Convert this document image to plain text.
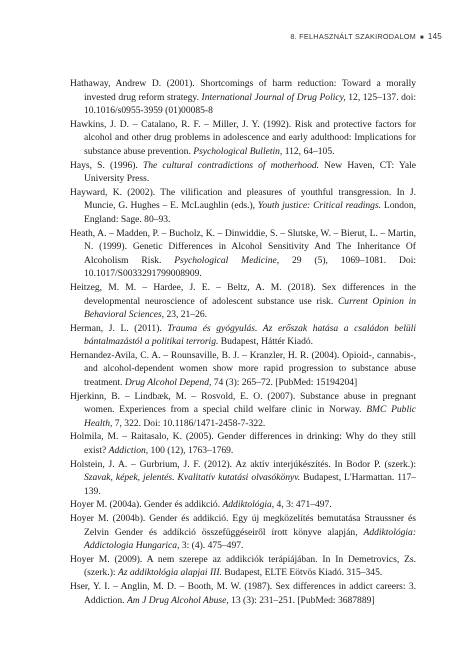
8. FELHASZNÁLT SZAKIRODALOM ■ 145

Hathaway, Andrew D. (2001). Shortcomings of harm reduction: Toward a morally invested drug reform strategy. International Journal of Drug Policy, 12, 125–137. doi: 10.1016/s0955-3959 (01)00085-8

Hawkins, J. D. – Catalano, R. F. – Miller, J. Y. (1992). Risk and protective factors for alcohol and other drug problems in adolescence and early adulthood: Implications for substance abuse prevention. Psychological Bulletin, 112, 64–105.

Hays, S. (1996). The cultural contradictions of motherhood. New Haven, CT: Yale University Press.

Hayward, K. (2002). The vilification and pleasures of youthful transgression. In J. Muncie, G. Hughes – E. McLaughlin (eds.), Youth justice: Critical readings. London, England: Sage. 80–93.

Heath, A. – Madden, P. – Bucholz, K. – Dinwiddie, S. – Slutske, W. – Bierut, L. – Martin, N. (1999). Genetic Differences in Alcohol Sensitivity And The Inheritance Of Alcoholism Risk. Psychological Medicine, 29 (5), 1069–1081. Doi: 10.1017/S0033291799008909.

Heitzeg, M. M. – Hardee, J. E. – Beltz, A. M. (2018). Sex differences in the developmental neuroscience of adolescent substance use risk. Current Opinion in Behavioral Sciences, 23, 21–26.

Herman, J. L. (2011). Trauma és gyógyulás. Az erőszak hatása a családon belüli bántalmazástól a politikai terrorig. Budapest, Háttér Kiadó.

Hernandez-Avila, C. A. – Rounsaville, B. J. – Kranzler, H. R. (2004). Opioid-, cannabis-, and alcohol-dependent women show more rapid progression to substance abuse treatment. Drug Alcohol Depend, 74 (3): 265–72. [PubMed: 15194204]

Hjerkinn, B. – Lindbæk, M. – Rosvold, E. O. (2007). Substance abuse in pregnant women. Experiences from a special child welfare clinic in Norway. BMC Public Health, 7, 322. Doi: 10.1186/1471-2458-7-322.

Holmila, M. – Raitasalo, K. (2005). Gender differences in drinking: Why do they still exist? Addiction, 100 (12), 1763–1769.

Holstein, J. A. – Gurbrium, J. F. (2012). Az aktív interjúkészítés. In Bodor P. (szerk.): Szavak, képek, jelentés. Kvalitatív kutatási olvasókönyv. Budapest, L'Harmattan. 117–139.

Hoyer M. (2004a). Gender és addikció. Addiktológia, 4, 3: 471–497.

Hoyer M. (2004b). Gender és addikció. Egy új megközelítés bemutatása Straussner és Zelvin Gender és addikció összefüggéseiről írott könyve alapján, Addiktológia: Addictologia Hungarica, 3: (4). 475–497.

Hoyer M. (2009). A nem szerepe az addikciók terápiájában. In In Demetrovics, Zs. (szerk.): Az addiktológia alapjai III. Budapest, ELTE Eötvös Kiadó. 315–345.

Hser, Y. I. – Anglin, M. D. – Booth, M. W. (1987). Sex differences in addict careers: 3. Addiction. Am J Drug Alcohol Abuse, 13 (3): 231–251. [PubMed: 3687889]
